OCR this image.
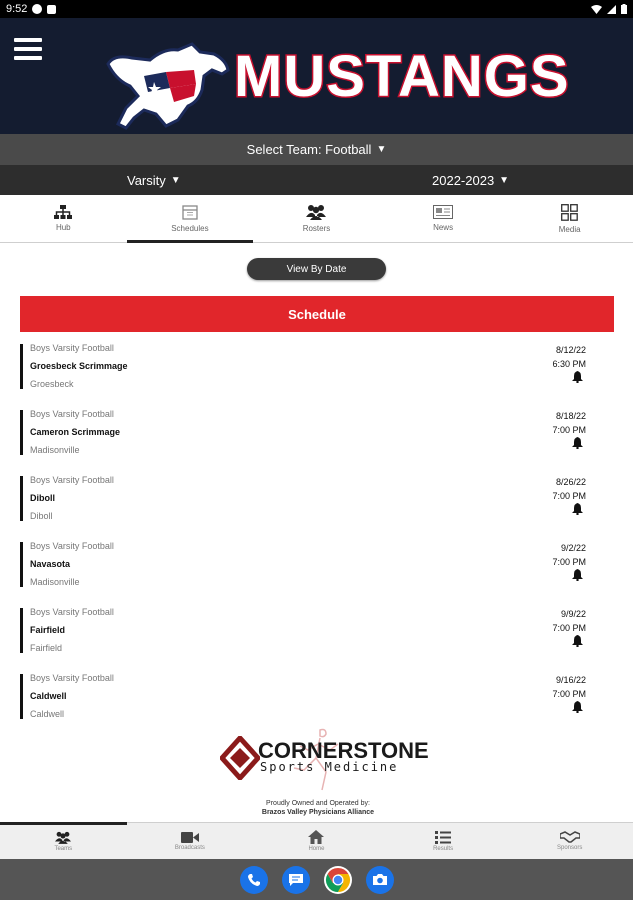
9:52
MUSTANGS
Select Team: Football ▼
Varsity ▼	2022-2023 ▼
Hub	Schedules	Rosters	News	Media
View By Date
Schedule
Boys Varsity Football
Groesbeck Scrimmage
Groesbeck
8/12/22
6:30 PM
Boys Varsity Football
Cameron Scrimmage
Madisonville
8/18/22
7:00 PM
Boys Varsity Football
Diboll
Diboll
8/26/22
7:00 PM
Boys Varsity Football
Navasota
Madisonville
9/2/22
7:00 PM
Boys Varsity Football
Fairfield
Fairfield
9/9/22
7:00 PM
Boys Varsity Football
Caldwell
Caldwell
9/16/22
7:00 PM
CORNERSTONE
Sports Medicine
Proudly Owned and Operated by:
Brazos Valley Physicians Alliance
Teams	Broadcasts	Home	Results	Sponsors
